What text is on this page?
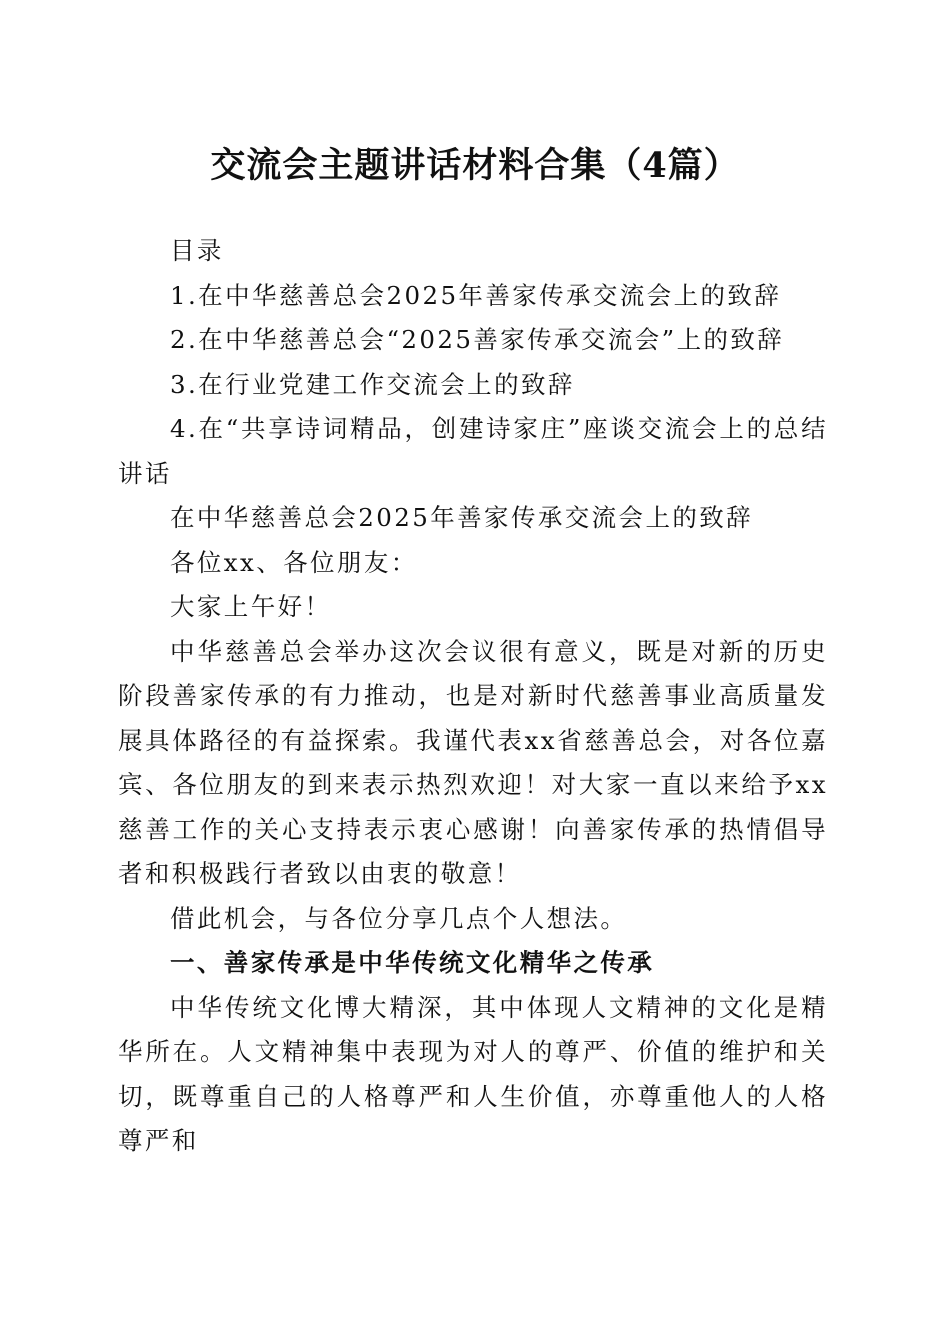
交流会主题讲话材料合集（4篇）

目录

1.在中华慈善总会2025年善家传承交流会上的致辞

2.在中华慈善总会“2025善家传承交流会”上的致辞

3.在行业党建工作交流会上的致辞

4.在“共享诗词精品，创建诗家庄”座谈交流会上的总结讲话

在中华慈善总会2025年善家传承交流会上的致辞

各位xx、各位朋友：

大家上午好！

中华慈善总会举办这次会议很有意义，既是对新的历史阶段善家传承的有力推动，也是对新时代慈善事业高质量发展具体路径的有益探索。我谨代表xx省慈善总会，对各位嘉宾、各位朋友的到来表示热烈欢迎！对大家一直以来给予xx慈善工作的关心支持表示衷心感谢！向善家传承的热情倡导者和积极践行者致以由衷的敬意！

借此机会，与各位分享几点个人想法。

一、善家传承是中华传统文化精华之传承

中华传统文化博大精深，其中体现人文精神的文化是精华所在。人文精神集中表现为对人的尊严、价值的维护和关切，既尊重自己的人格尊严和人生价值，亦尊重他人的人格尊严和
